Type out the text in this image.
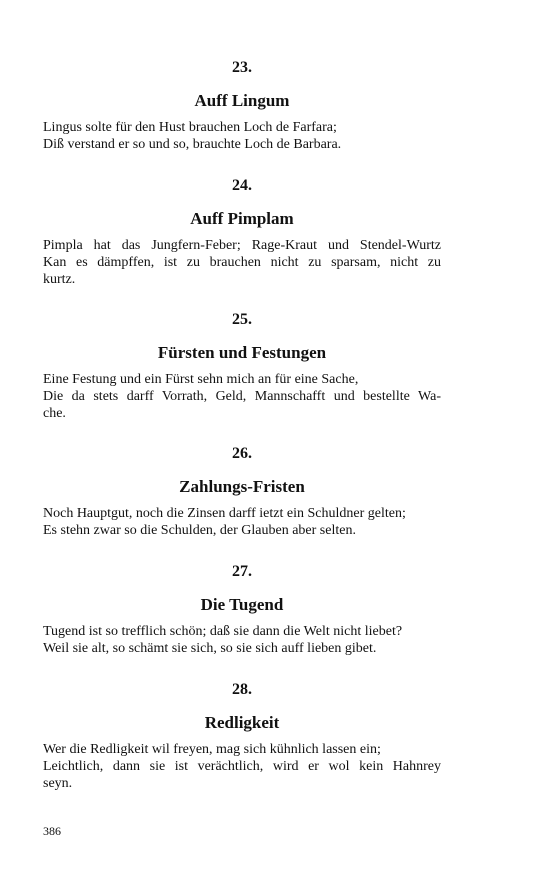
23.
Auff Lingum
Lingus solte für den Hust brauchen Loch de Farfara;
Diß verstand er so und so, brauchte Loch de Barbara.
24.
Auff Pimplam
Pimpla hat das Jungfern-Feber; Rage-Kraut und Stendel-Wurtz
Kan es dämpffen, ist zu brauchen nicht zu sparsam, nicht zu
kurtz.
25.
Fürsten und Festungen
Eine Festung und ein Fürst sehn mich an für eine Sache,
Die da stets darff Vorrath, Geld, Mannschafft und bestellte Wa-
che.
26.
Zahlungs-Fristen
Noch Hauptgut, noch die Zinsen darff ietzt ein Schuldner gelten;
Es stehn zwar so die Schulden, der Glauben aber selten.
27.
Die Tugend
Tugend ist so trefflich schön; daß sie dann die Welt nicht liebet?
Weil sie alt, so schämt sie sich, so sie sich auff lieben gibet.
28.
Redligkeit
Wer die Redligkeit wil freyen, mag sich kühnlich lassen ein;
Leichtlich, dann sie ist verächtlich, wird er wol kein Hahnrey
seyn.
386
